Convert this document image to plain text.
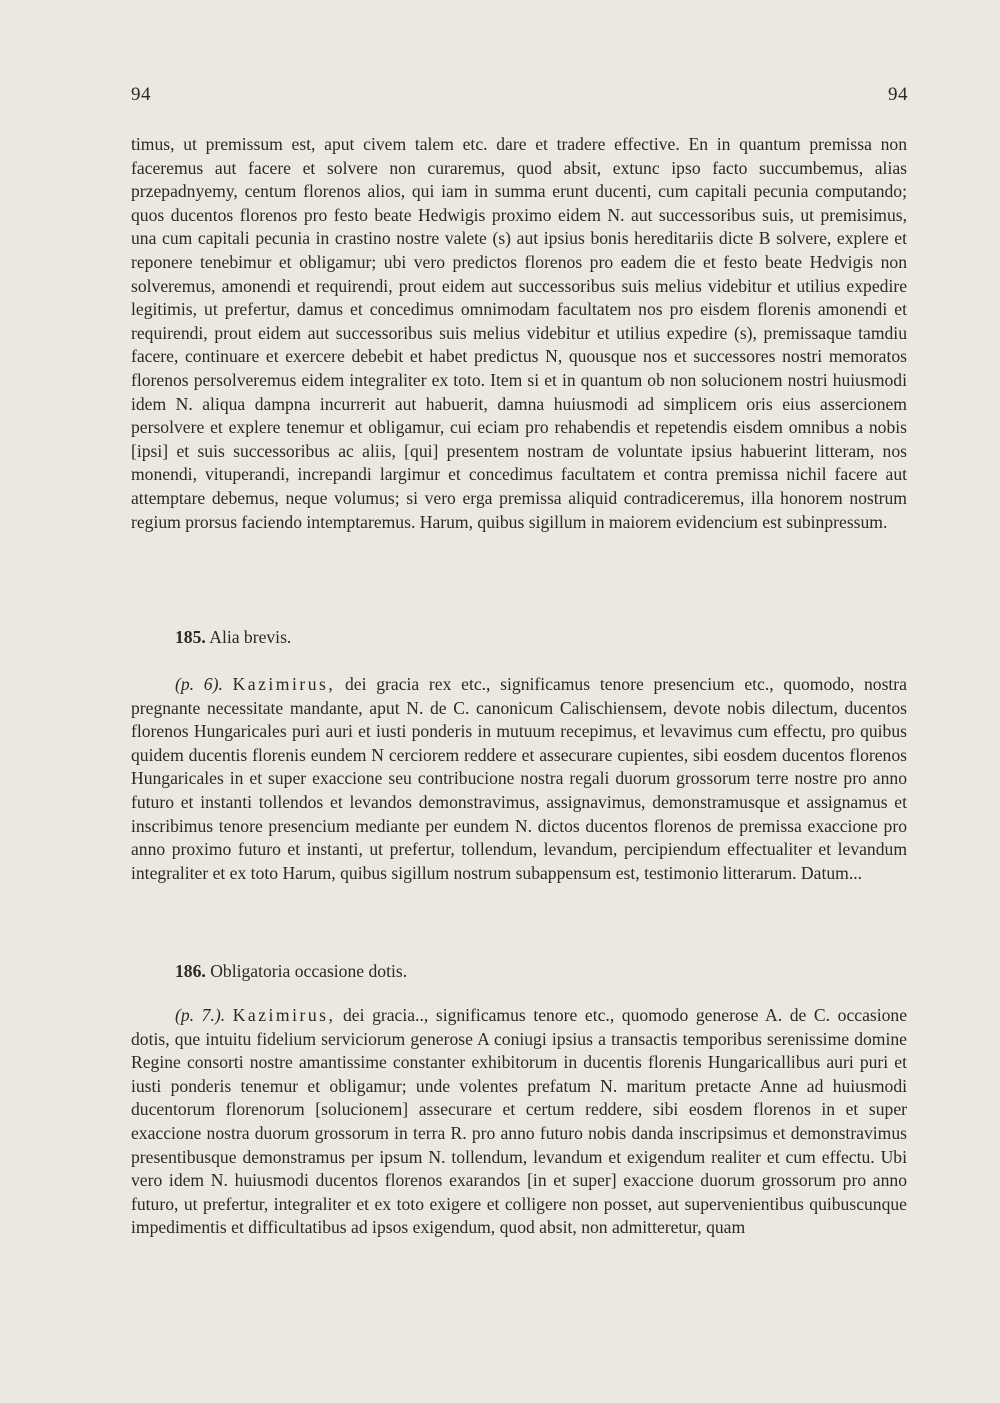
94	94

timus, ut premissum est, aput civem talem etc. dare et tradere effective. En in quantum premissa non faceremus aut facere et solvere non curaremus, quod absit, extunc ipso facto succumbemus, alias przepadnyemy, centum florenos alios, qui iam in summa erunt ducenti, cum capitali pecunia computando; quos ducentos florenos pro festo beate Hedwigis proximo eidem N. aut successoribus suis, ut premisimus, una cum capitali pecunia in crastino nostre valete (s) aut ipsius bonis hereditariis dicte B solvere, explere et reponere tenebimur et obligamur; ubi vero predictos florenos pro eadem die et festo beate Hedvigis non solveremus, amonendi et requirendi, prout eidem aut successoribus suis melius videbitur et utilius expedire legitimis, ut prefertur, damus et concedimus omnimodam facultatem nos pro eisdem florenis amonendi et requirendi, prout eidem aut successoribus suis melius videbitur et utilius expedire (s), premissaque tamdiu facere, continuare et exercere debebit et habet predictus N, quousque nos et successores nostri memoratos florenos persolveremus eidem integraliter ex toto. Item si et in quantum ob non solucionem nostri huiusmodi idem N. aliqua dampna incurrerit aut habuerit, damna huiusmodi ad simplicem oris eius assercionem persolvere et explere tenemur et obligamur, cui eciam pro rehabendis et repetendis eisdem omnibus a nobis [ipsi] et suis successoribus ac aliis, [qui] presentem nostram de voluntate ipsius habuerint litteram, nos monendi, vituperandi, increpandi largimur et concedimus facultatem et contra premissa nichil facere aut attemptare debemus, neque volumus; si vero erga premissa aliquid contradiceremus, illa honorem nostrum regium prorsus faciendo intemptaremus. Harum, quibus sigillum in maiorem evidencium est subinpressum.

185. Alia brevis.

(p. 6). Kazimirus, dei gracia rex etc., significamus tenore presencium etc., quomodo, nostra pregnante necessitate mandante, aput N. de C. canonicum Calischiensem, devote nobis dilectum, ducentos florenos Hungaricales puri auri et iusti ponderis in mutuum recepimus, et levavimus cum effectu, pro quibus quidem ducentis florenis eundem N cerciorem reddere et assecurare cupientes, sibi eosdem ducentos florenos Hungaricales in et super exaccione seu contribucione nostra regali duorum grossorum terre nostre pro anno futuro et instanti tollendos et levandos demonstravimus, assignavimus, demonstramusque et assignamus et inscribimus tenore presencium mediante per eundem N. dictos ducentos florenos de premissa exaccione pro anno proximo futuro et instanti, ut prefertur, tollendum, levandum, percipiendum effectualiter et levandum integraliter et ex toto Harum, quibus sigillum nostrum subappensum est, testimonio litterarum. Datum...

186. Obligatoria occasione dotis.

(p. 7.). Kazimirus, dei gracia.., significamus tenore etc., quomodo generose A. de C. occasione dotis, que intuitu fidelium serviciorum generose A coniugi ipsius a transactis temporibus serenissime domine Regine consorti nostre amantissime constanter exhibitorum in ducentis florenis Hungaricallibus auri puri et iusti ponderis tenemur et obligamur; unde volentes prefatum N. maritum pretacte Anne ad huiusmodi ducentorum florenorum [solucionem] assecurare et certum reddere, sibi eosdem florenos in et super exaccione nostra duorum grossorum in terra R. pro anno futuro nobis danda inscripsimus et demonstravimus presentibusque demonstramus per ipsum N. tollendum, levandum et exigendum realiter et cum effectu. Ubi vero idem N. huiusmodi ducentos florenos exarandos [in et super] exaccione duorum grossorum pro anno futuro, ut prefertur, integraliter et ex toto exigere et colligere non posset, aut supervenientibus quibuscunque impedimentis et difficultatibus ad ipsos exigendum, quod absit, non admitteretur, quam
